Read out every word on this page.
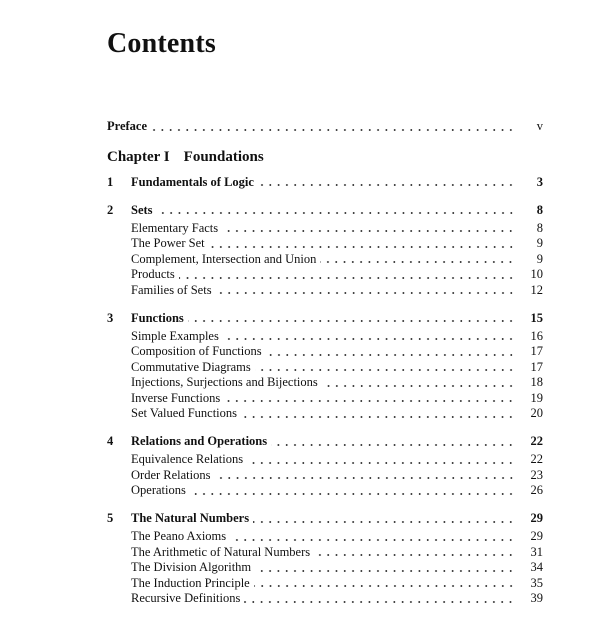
Contents
Preface	v
Chapter I Foundations
1	Fundamentals of Logic	3
2	Sets	8
Elementary Facts	8
The Power Set	9
Complement, Intersection and Union	9
Products	10
Families of Sets	12
3	Functions	15
Simple Examples	16
Composition of Functions	17
Commutative Diagrams	17
Injections, Surjections and Bijections	18
Inverse Functions	19
Set Valued Functions	20
4	Relations and Operations	22
Equivalence Relations	22
Order Relations	23
Operations	26
5	The Natural Numbers	29
The Peano Axioms	29
The Arithmetic of Natural Numbers	31
The Division Algorithm	34
The Induction Principle	35
Recursive Definitions	39
